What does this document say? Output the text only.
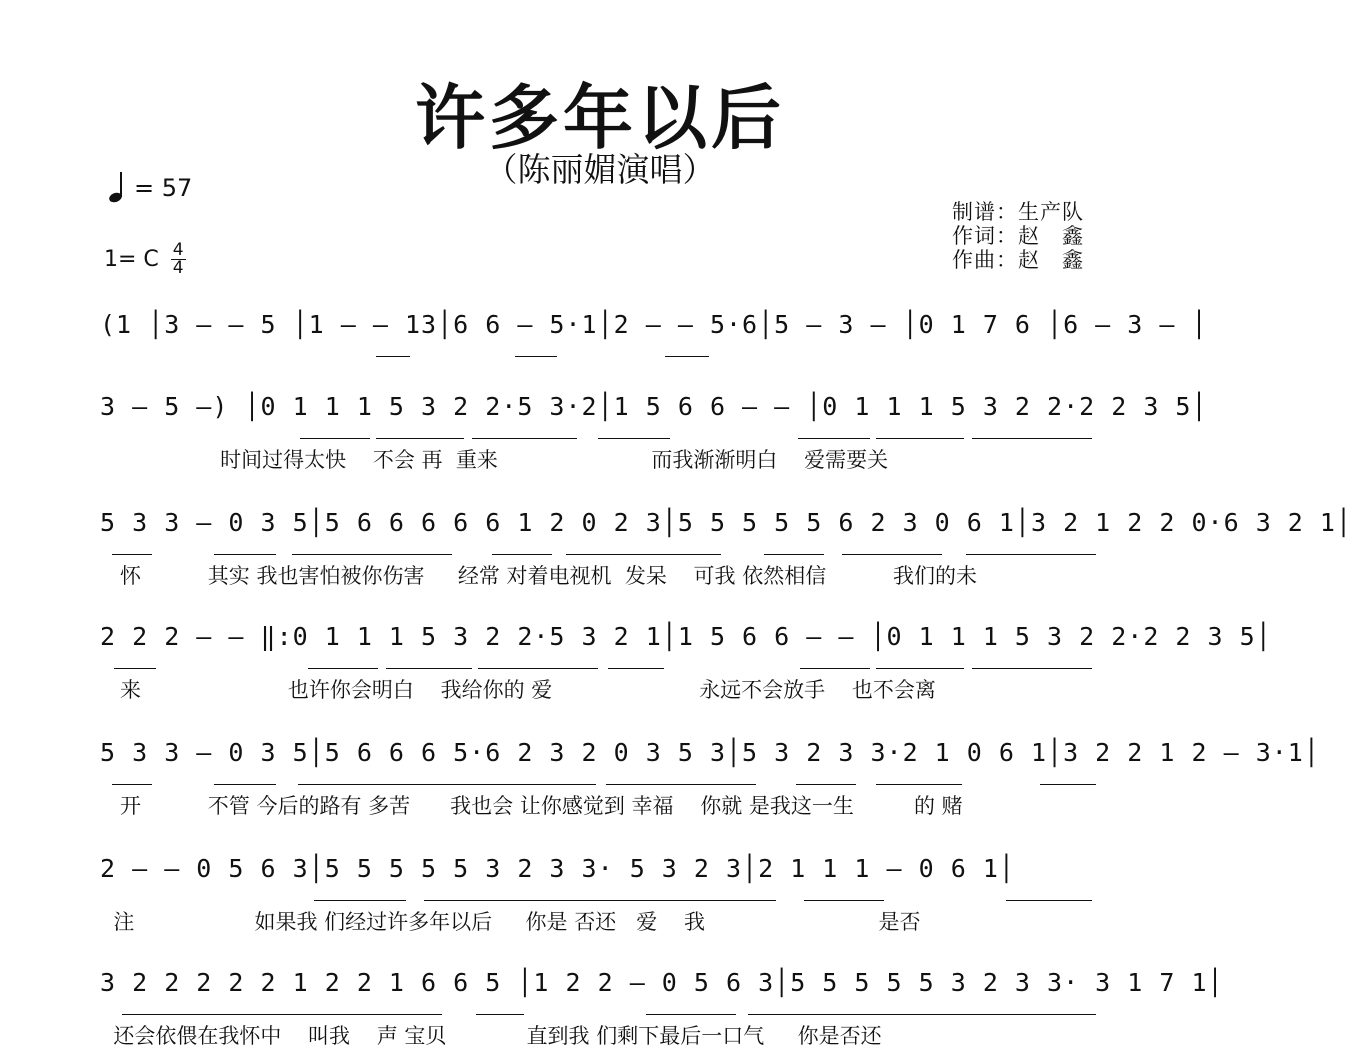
许多年以后
（陈丽媚演唱）
= 57
1= C 4
4
制谱：生产队
作词：赵　鑫
作曲：赵　鑫
(1 │3 — — 5 │1 — — 13│6 6 — 5·1│2 — — 5·6│5 — 3 — │0 1 7 6 │6 — 3 — │
3 — 5 —) │0 1 1 1 5 3 2 2·5 3·2│1 5 6 6 — — │0 1 1 1 5 3 2 2·2 2 3 5│
时间过得太快    不会 再  重来                       而我渐渐明白    爱需要关
5 3 3 — 0 3 5│5 6 6 6 6 6 1 2 0 2 3│5 5 5 5 5 6 2 3 0 6 1│3 2 1 2 2 0·6 3 2 1│
怀          其实 我也害怕被你伤害     经常 对着电视机  发呆    可我 依然相信          我们的未
2 2 2 — — ‖:0 1 1 1 5 3 2 2·5 3 2 1│1 5 6 6 — — │0 1 1 1 5 3 2 2·2 2 3 5│
来                      也许你会明白    我给你的 爱                      永远不会放手    也不会离
5 3 3 — 0 3 5│5 6 6 6 5·6 2 3 2 0 3 5 3│5 3 2 3 3·2 1 0 6 1│3 2 2 1 2 — 3·1│
开          不管 今后的路有 多苦      我也会 让你感觉到 幸福    你就 是我这一生         的 赌
2 — — 0 5 6 3│5 5 5 5 5 3 2 3 3· 5 3 2 3│2 1 1 1 — 0 6 1│
注                  如果我 们经过许多年以后     你是 否还   爱    我                          是否
3 2 2 2 2 2 1 2 2 1 6 6 5 │1 2 2 — 0 5 6 3│5 5 5 5 5 3 2 3 3· 3 1 7 1│
还会依偎在我怀中    叫我    声 宝贝            直到我 们剩下最后一口气     你是否还
